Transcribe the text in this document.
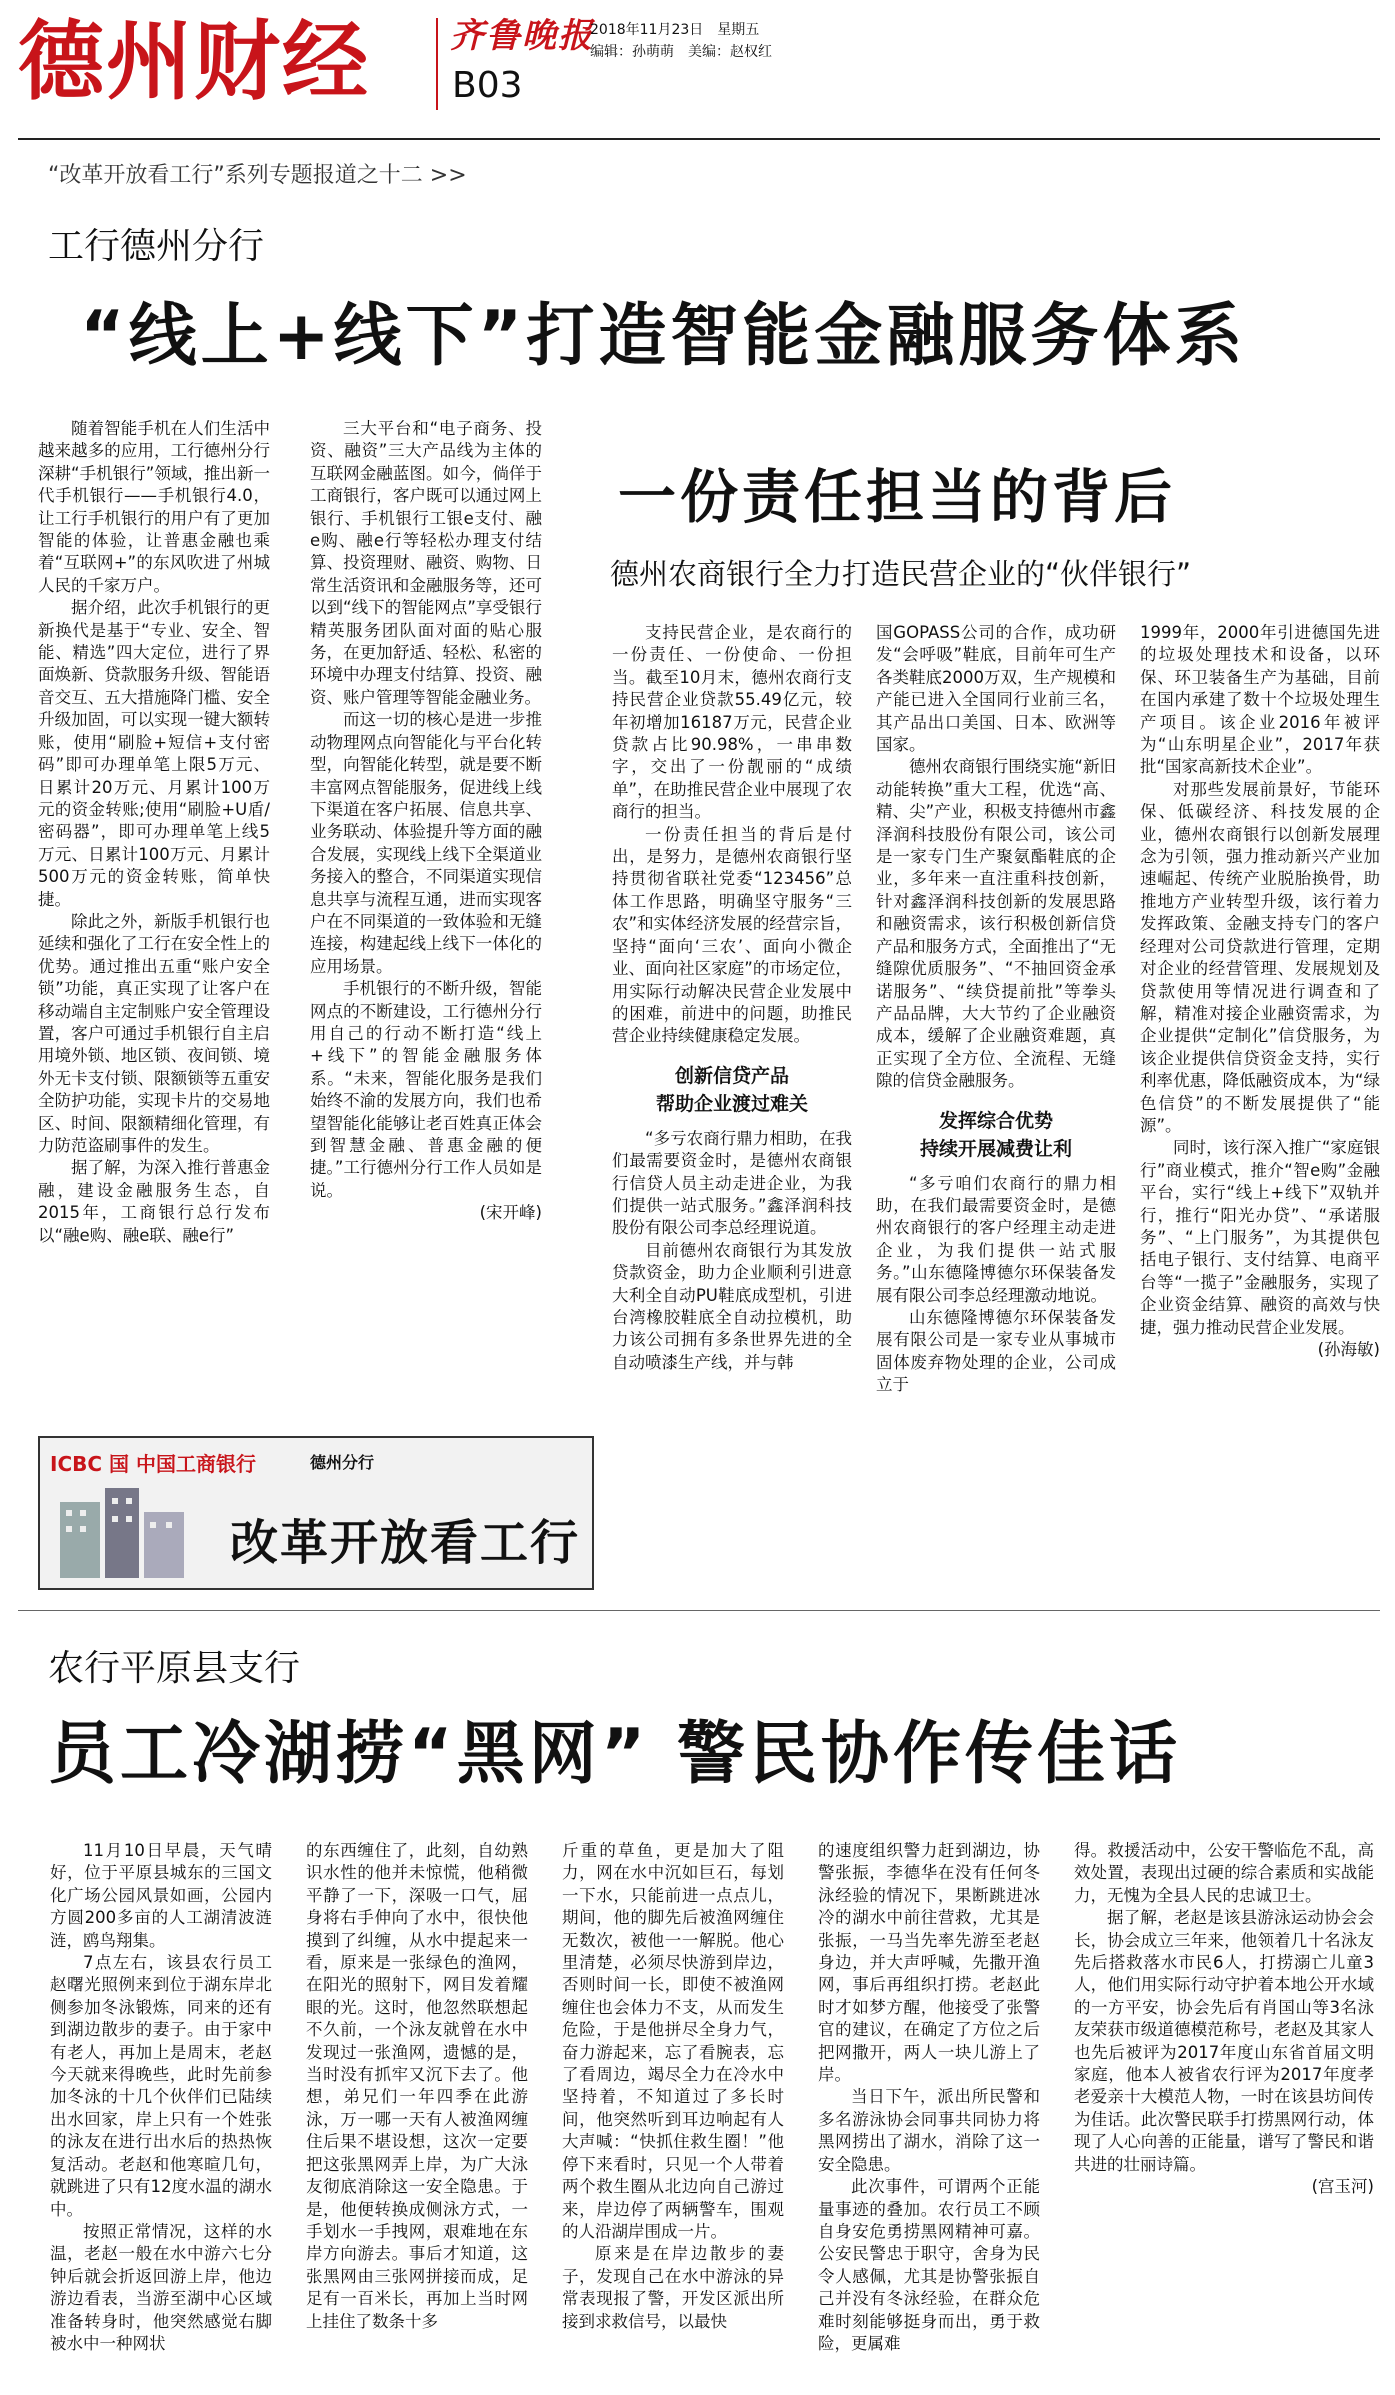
德州财经 齐鲁晚报
B03
2018年11月23日　星期五
编辑：孙萌萌　美编：赵权红
“改革开放看工行”系列专题报道之十二 >>
工行德州分行
“线上+线下”打造智能金融服务体系

随着智能手机在人们生活中越来越多的应用，工行德州分行深耕“手机银行”领域，推出新一代手机银行——手机银行4.0，让工行手机银行的用户有了更加智能的体验，让普惠金融也乘着“互联网+”的东风吹进了州城人民的千家万户。

据介绍，此次手机银行的更新换代是基于“专业、安全、智能、精选”四大定位，进行了界面焕新、贷款服务升级、智能语音交互、五大措施降门槛、安全升级加固，可以实现一键大额转账，使用“刷脸+短信+支付密码”即可办理单笔上限5万元、日累计20万元、月累计100万元的资金转账;使用“刷脸+U盾/密码器”，即可办理单笔上线5万元、日累计100万元、月累计500万元的资金转账，简单快捷。

除此之外，新版手机银行也延续和强化了工行在安全性上的优势。通过推出五重“账户安全锁”功能，真正实现了让客户在移动端自主定制账户安全管理设置，客户可通过手机银行自主启用境外锁、地区锁、夜间锁、境外无卡支付锁、限额锁等五重安全防护功能，实现卡片的交易地区、时间、限额精细化管理，有力防范盗刷事件的发生。

据了解，为深入推行普惠金融，建设金融服务生态，自2015年，工商银行总行发布以“融e购、融e联、融e行”

三大平台和“电子商务、投资、融资”三大产品线为主体的互联网金融蓝图。如今，倘佯于工商银行，客户既可以通过网上银行、手机银行工银e支付、融e购、融e行等轻松办理支付结算、投资理财、融资、购物、日常生活资讯和金融服务等，还可以到“线下的智能网点”享受银行精英服务团队面对面的贴心服务，在更加舒适、轻松、私密的环境中办理支付结算、投资、融资、账户管理等智能金融业务。

而这一切的核心是进一步推动物理网点向智能化与平台化转型，向智能化转型，就是要不断丰富网点智能服务，促进线上线下渠道在客户拓展、信息共享、业务联动、体验提升等方面的融合发展，实现线上线下全渠道业务接入的整合，不同渠道实现信息共享与流程互通，进而实现客户在不同渠道的一致体验和无缝连接，构建起线上线下一体化的应用场景。

手机银行的不断升级，智能网点的不断建设，工行德州分行用自己的行动不断打造“线上+线下”的智能金融服务体系。“未来，智能化服务是我们始终不渝的发展方向，我们也希望智能化能够让老百姓真正体会到智慧金融、普惠金融的便捷。”工行德州分行工作人员如是说。

(宋开峰)
ICBC 国 中国工商银行	德州分行
改革开放看工行
一份责任担当的背后
德州农商银行全力打造民营企业的“伙伴银行”

支持民营企业，是农商行的一份责任、一份使命、一份担当。截至10月末，德州农商行支持民营企业贷款55.49亿元，较年初增加16187万元，民营企业贷款占比90.98%，一串串数字，交出了一份靓丽的“成绩单”，在助推民营企业中展现了农商行的担当。

一份责任担当的背后是付出，是努力，是德州农商银行坚持贯彻省联社党委“123456”总体工作思路，明确坚守服务“三农”和实体经济发展的经营宗旨，坚持“面向‘三农’、面向小微企业、面向社区家庭”的市场定位，用实际行动解决民营企业发展中的困难，前进中的问题，助推民营企业持续健康稳定发展。

创新信贷产品
帮助企业渡过难关

“多亏农商行鼎力相助，在我们最需要资金时，是德州农商银行信贷人员主动走进企业，为我们提供一站式服务。”鑫泽润科技股份有限公司李总经理说道。

目前德州农商银行为其发放贷款资金，助力企业顺利引进意大利全自动PU鞋底成型机，引进台湾橡胶鞋底全自动拉模机，助力该公司拥有多条世界先进的全自动喷漆生产线，并与韩

国GOPASS公司的合作，成功研发“会呼吸”鞋底，目前年可生产各类鞋底2000万双，生产规模和产能已进入全国同行业前三名，其产品出口美国、日本、欧洲等国家。

德州农商银行围绕实施“新旧动能转换”重大工程，优选“高、精、尖”产业，积极支持德州市鑫泽润科技股份有限公司，该公司是一家专门生产聚氨酯鞋底的企业，多年来一直注重科技创新，针对鑫泽润科技创新的发展思路和融资需求，该行积极创新信贷产品和服务方式，全面推出了“无缝隙优质服务”、“不抽回资金承诺服务”、“续贷提前批”等拳头产品品牌，大大节约了企业融资成本，缓解了企业融资难题，真正实现了全方位、全流程、无缝隙的信贷金融服务。

发挥综合优势
持续开展减费让利

“多亏咱们农商行的鼎力相助，在我们最需要资金时，是德州农商银行的客户经理主动走进企业，为我们提供一站式服务。”山东德隆博德尔环保装备发展有限公司李总经理激动地说。

山东德隆博德尔环保装备发展有限公司是一家专业从事城市固体废弃物处理的企业，公司成立于

1999年，2000年引进德国先进的垃圾处理技术和设备，以环保、环卫装备生产为基础，目前在国内承建了数十个垃圾处理生产项目。该企业2016年被评为“山东明星企业”，2017年获批“国家高新技术企业”。

对那些发展前景好，节能环保、低碳经济、科技发展的企业，德州农商银行以创新发展理念为引领，强力推动新兴产业加速崛起、传统产业脱胎换骨，助推地方产业转型升级，该行着力发挥政策、金融支持专门的客户经理对公司贷款进行管理，定期对企业的经营管理、发展规划及贷款使用等情况进行调查和了解，精准对接企业融资需求，为企业提供“定制化”信贷服务，为该企业提供信贷资金支持，实行利率优惠，降低融资成本，为“绿色信贷”的不断发展提供了“能源”。

同时，该行深入推广“家庭银行”商业模式，推介“智e购”金融平台，实行“线上+线下”双轨并行，推行“阳光办贷”、“承诺服务”、“上门服务”，为其提供包括电子银行、支付结算、电商平台等“一揽子”金融服务，实现了企业资金结算、融资的高效与快捷，强力推动民营企业发展。

(孙海敏)
农行平原县支行
员工冷湖捞“黑网” 警民协作传佳话

11月10日早晨，天气晴好，位于平原县城东的三国文化广场公园风景如画，公园内方圆200多亩的人工湖清波涟涟，鸥鸟翔集。

7点左右，该县农行员工赵曙光照例来到位于湖东岸北侧参加冬泳锻炼，同来的还有到湖边散步的妻子。由于家中有老人，再加上是周末，老赵今天就来得晚些，此时先前参加冬泳的十几个伙伴们已陆续出水回家，岸上只有一个姓张的泳友在进行出水后的热热恢复活动。老赵和他寒暄几句，就跳进了只有12度水温的湖水中。

按照正常情况，这样的水温，老赵一般在水中游六七分钟后就会折返回游上岸，他边游边看表，当游至湖中心区域准备转身时，他突然感觉右脚被水中一种网状

的东西缠住了，此刻，自幼熟识水性的他并未惊慌，他稍微平静了一下，深吸一口气，屈身将右手伸向了水中，很快他摸到了纠缠，从水中提起来一看，原来是一张绿色的渔网，在阳光的照射下，网目发着耀眼的光。这时，他忽然联想起不久前，一个泳友就曾在水中发现过一张渔网，遗憾的是，当时没有抓牢又沉下去了。他想，弟兄们一年四季在此游泳，万一哪一天有人被渔网缠住后果不堪设想，这次一定要把这张黑网弄上岸，为广大泳友彻底消除这一安全隐患。于是，他便转换成侧泳方式，一手划水一手拽网，艰难地在东岸方向游去。事后才知道，这张黑网由三张网拼接而成，足足有一百米长，再加上当时网上挂住了数条十多

斤重的草鱼，更是加大了阻力，网在水中沉如巨石，每划一下水，只能前进一点点儿，期间，他的脚先后被渔网缠住无数次，被他一一解脱。他心里清楚，必须尽快游到岸边，否则时间一长，即使不被渔网缠住也会体力不支，从而发生危险，于是他拼尽全身力气，奋力游起来，忘了看腕表，忘了看周边，竭尽全力在冷水中坚持着，不知道过了多长时间，他突然听到耳边响起有人大声喊：“快抓住救生圈！”他停下来看时，只见一个人带着两个救生圈从北边向自己游过来，岸边停了两辆警车，围观的人沿湖岸围成一片。

原来是在岸边散步的妻子，发现自己在水中游泳的异常表现报了警，开发区派出所接到求救信号，以最快

的速度组织警力赶到湖边，协警张振，李德华在没有任何冬泳经验的情况下，果断跳进冰冷的湖水中前往营救，尤其是张振，一马当先率先游至老赵身边，并大声呼喊，先撒开渔网，事后再组织打捞。老赵此时才如梦方醒，他接受了张警官的建议，在确定了方位之后把网撒开，两人一块儿游上了岸。

当日下午，派出所民警和多名游泳协会同事共同协力将黑网捞出了湖水，消除了这一安全隐患。

此次事件，可谓两个正能量事迹的叠加。农行员工不顾自身安危勇捞黑网精神可嘉。公安民警忠于职守，舍身为民令人感佩，尤其是协警张振自己并没有冬泳经验，在群众危难时刻能够挺身而出，勇于救险，更属难

得。救援活动中，公安干警临危不乱，高效处置，表现出过硬的综合素质和实战能力，无愧为全县人民的忠诚卫士。

据了解，老赵是该县游泳运动协会会长，协会成立三年来，他领着几十名泳友先后搭救落水市民6人，打捞溺亡儿童3人，他们用实际行动守护着本地公开水域的一方平安，协会先后有肖国山等3名泳友荣获市级道德模范称号，老赵及其家人也先后被评为2017年度山东省首届文明家庭，他本人被省农行评为2017年度孝老爱亲十大模范人物，一时在该县坊间传为佳话。此次警民联手打捞黑网行动，体现了人心向善的正能量，谱写了警民和谐共进的壮丽诗篇。

(宫玉河)
